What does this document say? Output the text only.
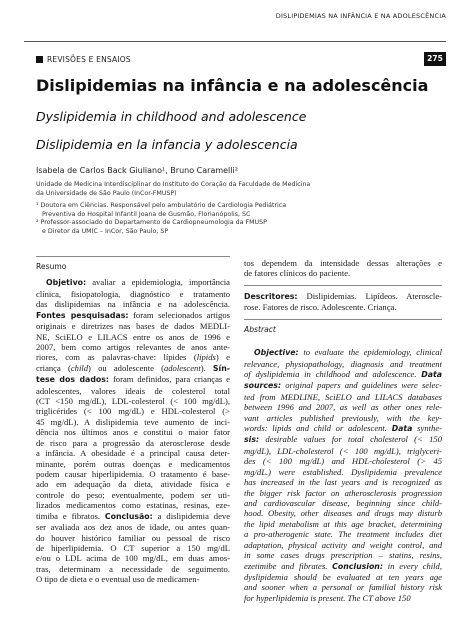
DISLIPIDEMIAS NA INFÂNCIA E NA ADOLESCÊNCIA
275
REVISÕES E ENSAIOS
Dislipidemias na infância e na adolescência
Dyslipidemia in childhood and adolescence
Dislipidemia en la infancia y adolescencia
Isabela de Carlos Back Giuliano¹, Bruno Caramelli²
Unidade de Medicina Interdisciplinar do Instituto do Coração da Faculdade de Medicina
da Universidade de São Paulo (InCor-FMUSP)
¹ Doutora em Ciências. Responsável pelo ambulatório de Cardiologia Pediátrica
Preventiva do Hospital Infantil Joana de Gusmão, Florianópolis, SC
² Professor-associado do Departamento de Cardiopneumologia da FMUSP
e Diretor da UMIC – InCor, São Paulo, SP
Resumo
Objetivo: avaliar a epidemiologia, importância
clínica, fisiopatologia, diagnóstico e tratamento
das dislipidemias na infância e na adolescência.
Fontes pesquisadas: foram selecionados artigos
originais e diretrizes nas bases de dados MEDLI-
NE, SciELO e LILACS entre os anos de 1996 e
2007, bem como artigos relevantes de anos ante-
riores, com as palavras-chave: lípides (lipids) e
criança (child) ou adolescente (adolescent). Sín-
tese dos dados: foram definidos, para crianças e
adolescentes, valores ideais de colesterol total
(CT <150 mg/dL), LDL-colesterol (< 100 mg/dL),
triglicérides (< 100 mg/dL) e HDL-colesterol (>
45 mg/dL). A dislipidemia teve aumento de inci-
dência nos últimos anos e constitui o maior fator
de risco para a progressão da aterosclerose desde
a infância. A obesidade é a principal causa deter-
minante, porém outras doenças e medicamentos
podem causar hiperlipidemia. O tratamento é base-
ado em adequação da dieta, atividade física e
controle do peso; eventualmente, podem ser uti-
lizados medicamentos como estatinas, resinas, eze-
timiba e fibratos. Conclusão: a dislipidemia deve
ser avaliada aos dez anos de idade, ou antes quan-
do houver histórico familiar ou pessoal de risco
de hiperlipidemia. O CT superior a 150 mg/dL
e/ou o LDL acima de 100 mg/dL, em duas amos-
tras, determinam a necessidade de seguimento.
O tipo de dieta e o eventual uso de medicamen-
tos dependem da intensidade dessas alterações e
de fatores clínicos do paciente.
Descritores: Dislipidemias. Lipídeos. Ateroscle-
rose. Fatores de risco. Adolescente. Criança.
Abstract
Objective: to evaluate the epidemiology, clinical
relevance, physiopathology, diagnosis and treatment
of dyslipidemia in childhood and adolescence. Data
sources: original papers and guidelines were selec-
ted from MEDLINE, SciELO and LILACS databases
between 1996 and 2007, as well as other ones rele-
vant articles published previously, with the key-
words: lipids and child or adolescent. Data synthe-
sis: desirable values for total cholesterol (< 150
mg/dL), LDL-cholesterol (< 100 mg/dL), triglyceri-
des (< 100 mg/dL) and HDL-cholesterol (> 45
mg/dL.) were established. Dyslipidemia prevalence
has increased in the last years and is recognized as
the bigger risk factor on atherosclerosis progression
and cardiovascular disease, beginning since child-
hood. Obesity, other diseases and drugs may disturb
the lipid metabolism at this age bracket, determining
a pro-atherogenic state. The treatment includes diet
adaptation, physical activity and weight control, and
in some cases drugs prescription – statins, resins,
ezetimibe and fibrates. Conclusion: in every child,
dyslipidemia should be evaluated at ten years age
and sooner when a personal or familial history risk
for hyperlipidemia is present. The CT above 150
